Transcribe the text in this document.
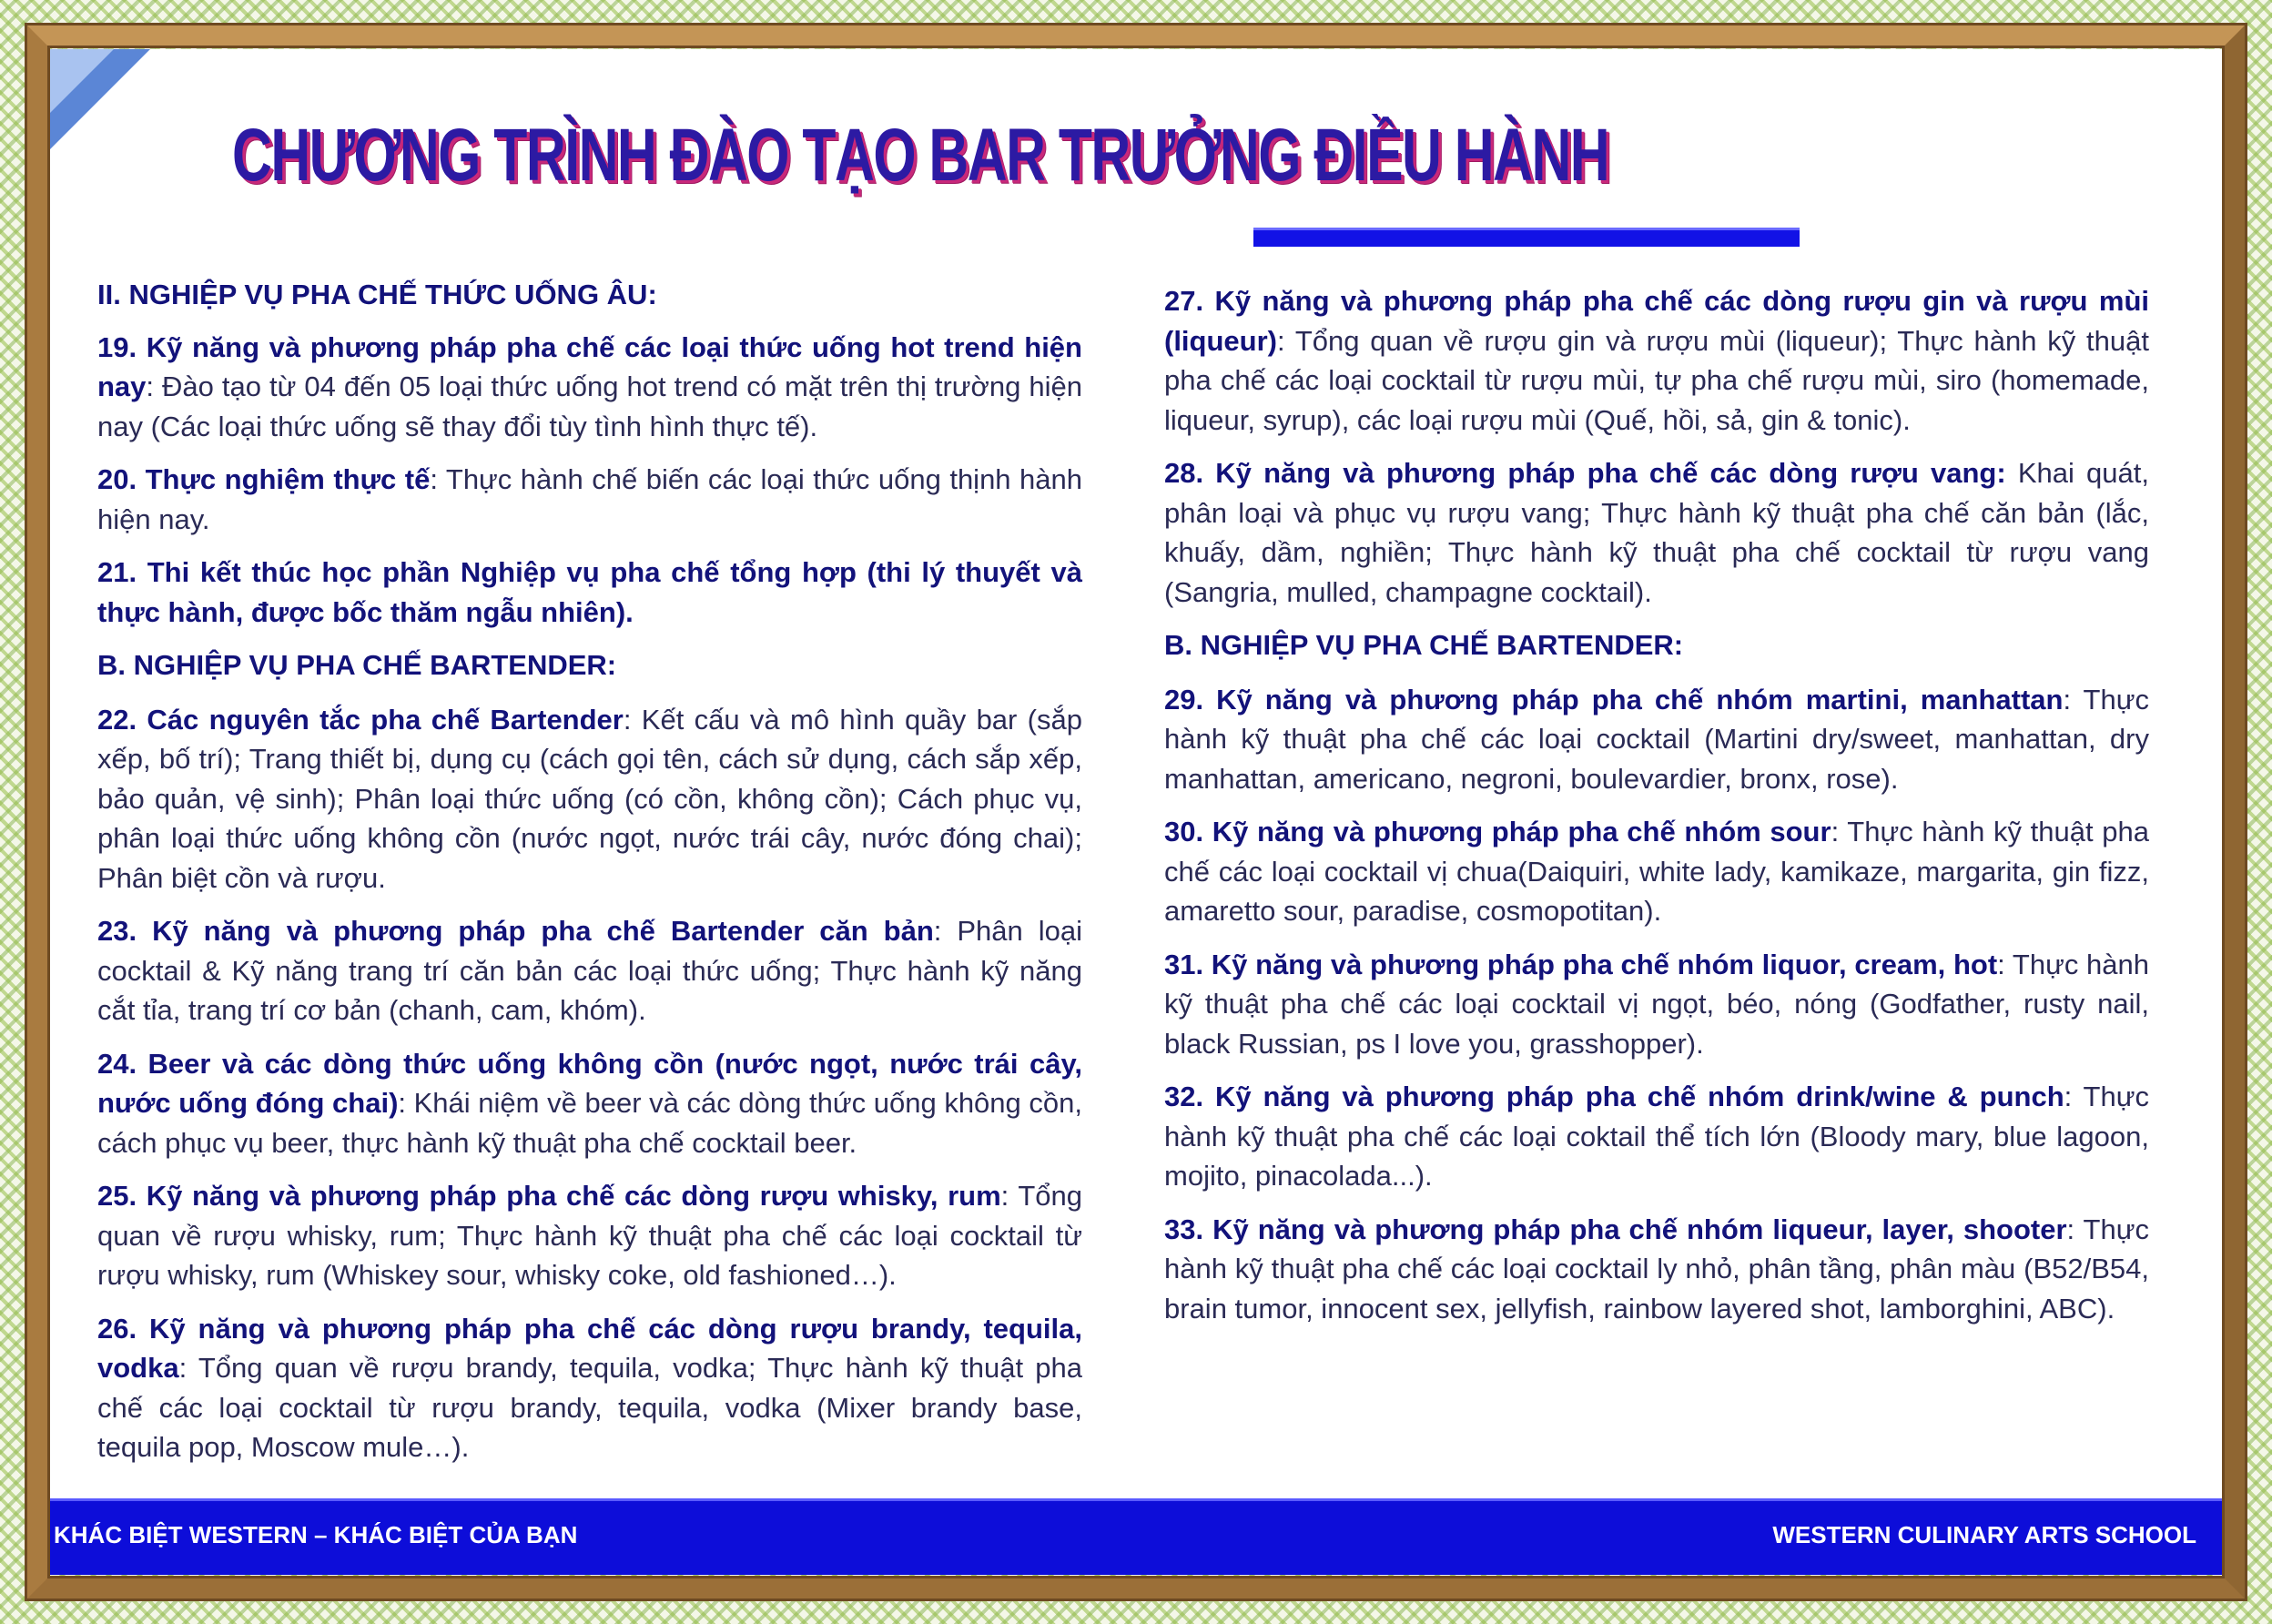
CHƯƠNG TRÌNH ĐÀO TẠO BAR TRƯỞNG ĐIỀU HÀNH
II. NGHIỆP VỤ PHA CHẾ THỨC UỐNG ÂU:

19. Kỹ năng và phương pháp pha chế các loại thức uống hot trend hiện nay: Đào tạo từ 04 đến 05 loại thức uống hot trend có mặt trên thị trường hiện nay (Các loại thức uống sẽ thay đổi tùy tình hình thực tế).

20. Thực nghiệm thực tế: Thực hành chế biến các loại thức uống thịnh hành hiện nay.

21. Thi kết thúc học phần Nghiệp vụ pha chế tổng hợp (thi lý thuyết và thực hành, được bốc thăm ngẫu nhiên).

B. NGHIỆP VỤ PHA CHẾ BARTENDER:

22. Các nguyên tắc pha chế Bartender: Kết cấu và mô hình quầy bar (sắp xếp, bố trí); Trang thiết bị, dụng cụ (cách gọi tên, cách sử dụng, cách sắp xếp, bảo quản, vệ sinh); Phân loại thức uống (có cồn, không cồn); Cách phục vụ, phân loại thức uống không cồn (nước ngọt, nước trái cây, nước đóng chai); Phân biệt cồn và rượu.

23. Kỹ năng và phương pháp pha chế Bartender căn bản: Phân loại cocktail & Kỹ năng trang trí căn bản các loại thức uống; Thực hành kỹ năng cắt tỉa, trang trí cơ bản (chanh, cam, khóm).

24. Beer và các dòng thức uống không cồn (nước ngọt, nước trái cây, nước uống đóng chai): Khái niệm về beer và các dòng thức uống không cồn, cách phục vụ beer, thực hành kỹ thuật pha chế cocktail beer.

25. Kỹ năng và phương pháp pha chế các dòng rượu whisky, rum: Tổng quan về rượu whisky, rum; Thực hành kỹ thuật pha chế các loại cocktail từ rượu whisky, rum (Whiskey sour, whisky coke, old fashioned…).

26. Kỹ năng và phương pháp pha chế các dòng rượu brandy, tequila, vodka: Tổng quan về rượu brandy, tequila, vodka; Thực hành kỹ thuật pha chế các loại cocktail từ rượu brandy, tequila, vodka (Mixer brandy base, tequila pop, Moscow mule…).

27. Kỹ năng và phương pháp pha chế các dòng rượu gin và rượu mùi (liqueur): Tổng quan về rượu gin và rượu mùi (liqueur); Thực hành kỹ thuật pha chế các loại cocktail từ rượu mùi, tự pha chế rượu mùi, siro (homemade, liqueur, syrup), các loại rượu mùi (Quế, hồi, sả, gin & tonic).

28. Kỹ năng và phương pháp pha chế các dòng rượu vang: Khai quát, phân loại và phục vụ rượu vang; Thực hành kỹ thuật pha chế căn bản (lắc, khuấy, dầm, nghiền; Thực hành kỹ thuật pha chế cocktail từ rượu vang (Sangria, mulled, champagne cocktail).

B. NGHIỆP VỤ PHA CHẾ BARTENDER:

29. Kỹ năng và phương pháp pha chế nhóm martini, manhattan: Thực hành kỹ thuật pha chế các loại cocktail (Martini dry/sweet, manhattan, dry manhattan, americano, negroni, boulevardier, bronx, rose).

30. Kỹ năng và phương pháp pha chế nhóm sour: Thực hành kỹ thuật pha chế các loại cocktail vị chua(Daiquiri, white lady, kamikaze, margarita, gin fizz, amaretto sour, paradise, cosmopotitan).

31. Kỹ năng và phương pháp pha chế nhóm liquor, cream, hot: Thực hành kỹ thuật pha chế các loại cocktail vị ngọt, béo, nóng (Godfather, rusty nail, black Russian, ps I love you, grasshopper).

32. Kỹ năng và phương pháp pha chế nhóm drink/wine & punch: Thực hành kỹ thuật pha chế các loại coktail thể tích lớn (Bloody mary, blue lagoon, mojito, pinacolada...).

33. Kỹ năng và phương pháp pha chế nhóm liqueur, layer, shooter: Thực hành kỹ thuật pha chế các loại cocktail ly nhỏ, phân tầng, phân màu (B52/B54, brain tumor, innocent sex, jellyfish, rainbow layered shot, lamborghini, ABC).

KHÁC BIỆT WESTERN – KHÁC BIỆT CỦA BẠN	WESTERN CULINARY ARTS SCHOOL
